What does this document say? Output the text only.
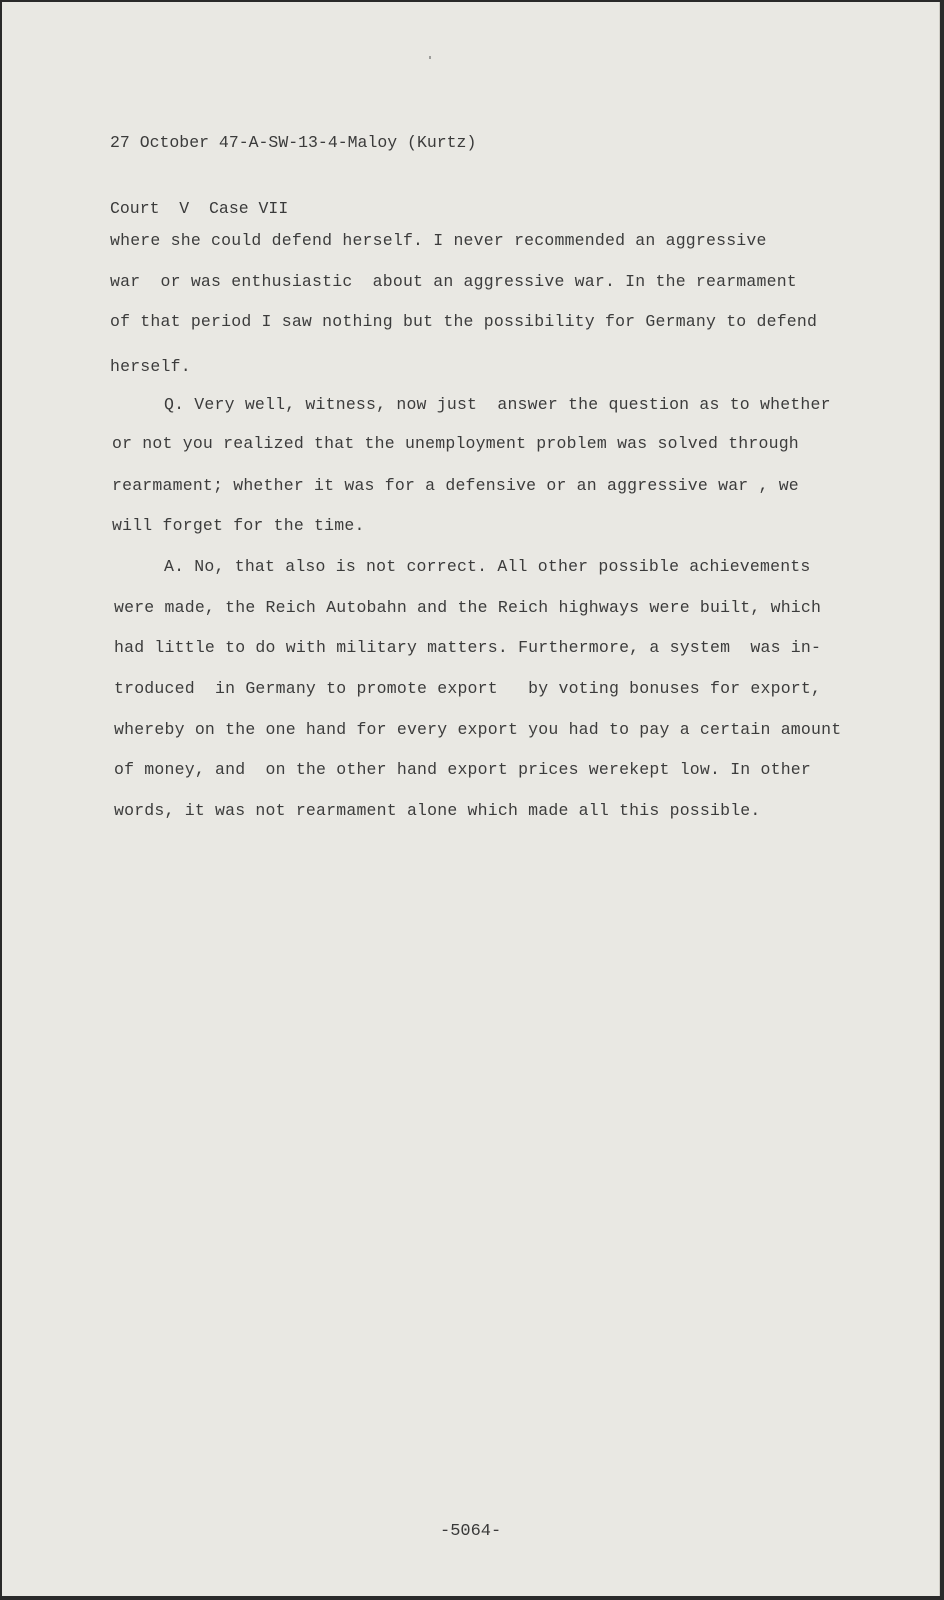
27 October 47-A-SW-13-4-Maloy (Kurtz)

Court  V  Case VII

where she could defend herself. I never recommended an aggressive
war  or was enthusiastic  about an aggressive war. In the rearmament
of that period I saw nothing but the possibility for Germany to defend
herself.
Q. Very well, witness, now just  answer the question as to whether
or not you realized that the unemployment problem was solved through
rearmament; whether it was for a defensive or an aggressive war , we
will forget for the time.
A. No, that also is not correct. All other possible achievements
were made, the Reich Autobahn and the Reich highways were built, which
had little to do with military matters. Furthermore, a system  was in-
troduced  in Germany to promote export   by voting bonuses for export,
whereby on the one hand for every export you had to pay a certain amount
of money, and  on the other hand export prices werekept low. In other
words, it was not rearmament alone which made all this possible.
-5064-
